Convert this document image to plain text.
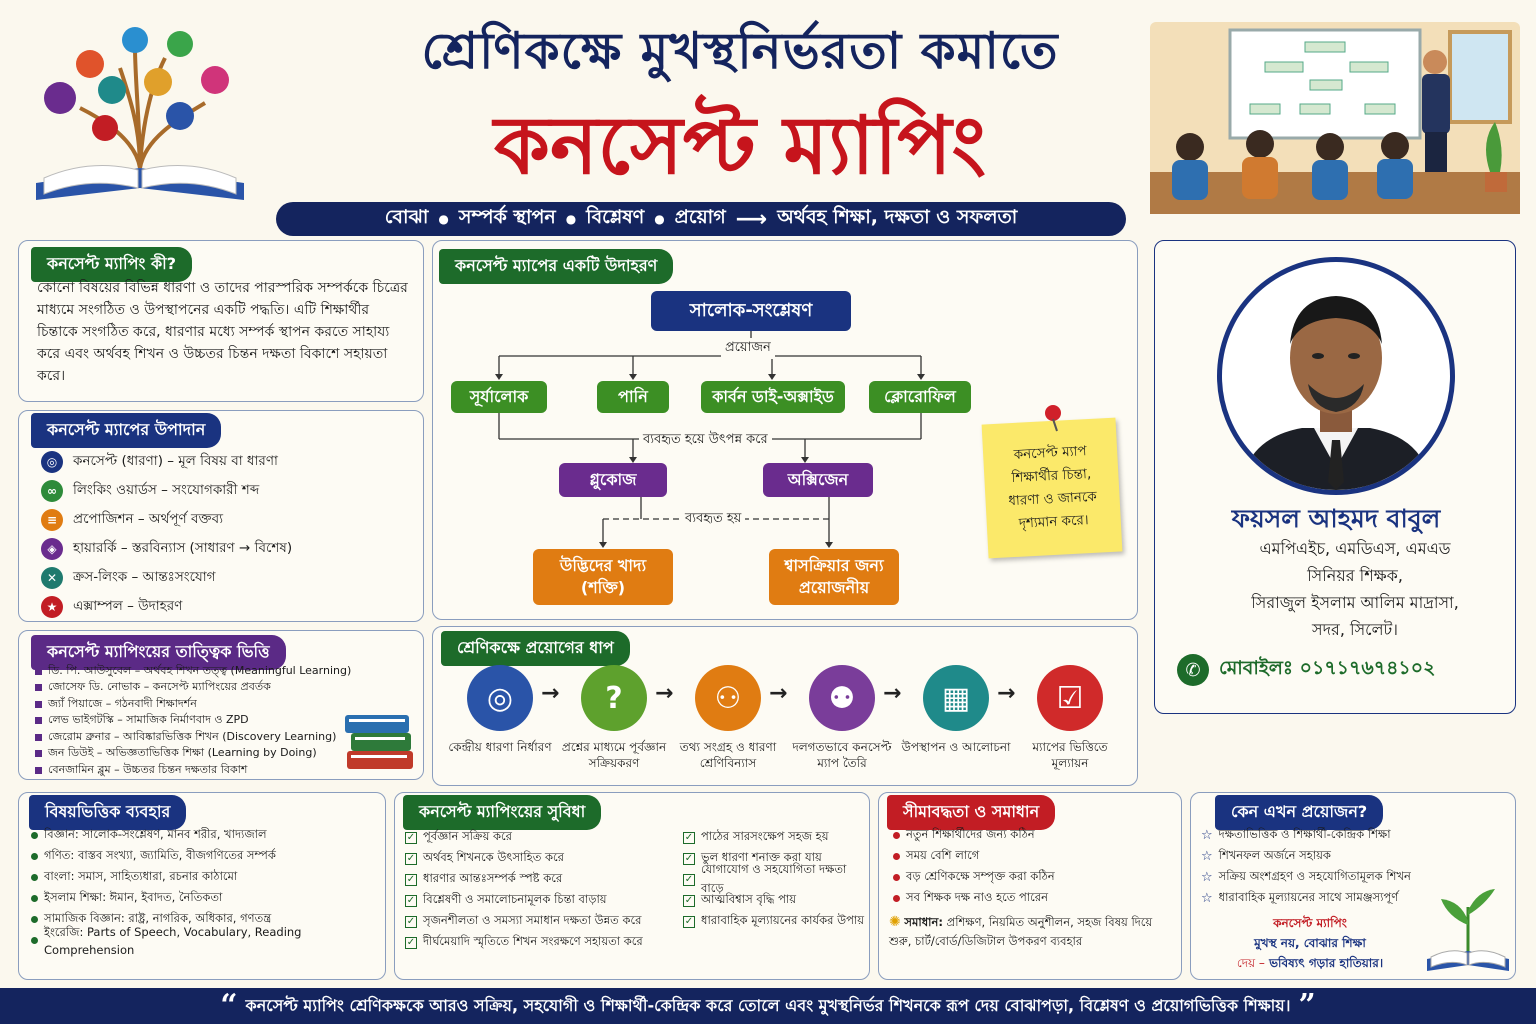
শ্রেণিকক্ষে মুখস্থনির্ভরতা কমাতে
কনসেপ্ট ম্যাপিং
বোঝা ● সম্পর্ক স্থাপন ● বিশ্লেষণ ● প্রয়োগ ⟶ অর্থবহ শিক্ষা, দক্ষতা ও সফলতা
কনসেপ্ট ম্যাপিং কী?
কোনো বিষয়ের বিভিন্ন ধারণা ও তাদের পারস্পরিক সম্পর্ককে চিত্রের মাধ্যমে সংগঠিত ও উপস্থাপনের একটি পদ্ধতি। এটি শিক্ষার্থীর চিন্তাকে সংগঠিত করে, ধারণার মধ্যে সম্পর্ক স্থাপন করতে সাহায্য করে এবং অর্থবহ শিখন ও উচ্চতর চিন্তন দক্ষতা বিকাশে সহায়তা করে।
কনসেপ্ট ম্যাপের উপাদান
◎	কনসেপ্ট (ধারণা) – মূল বিষয় বা ধারণা
∞	লিংকিং ওয়ার্ডস – সংযোগকারী শব্দ
≡	প্রপোজিশন – অর্থপূর্ণ বক্তব্য
◈	হায়ারর্কি – স্তরবিন্যাস (সাধারণ → বিশেষ)
✕	ক্রস-লিংক – আন্তঃসংযোগ
★	এক্সাম্পল – উদাহরণ
কনসেপ্ট ম্যাপিংয়ের তাত্ত্বিক ভিত্তি
ডি. পি. আউসুবেল – অর্থবহ শিখন তত্ত্ব (Meaningful Learning)
জোসেফ ডি. নোভাক – কনসেপ্ট ম্যাপিংয়ের প্রবর্তক
জ্যাঁ পিয়াজে – গঠনবাদী শিক্ষাদর্শন
লেভ ভাইগটস্কি – সামাজিক নির্মাণবাদ ও ZPD
জেরোম ব্রুনার – আবিষ্কারভিত্তিক শিখন (Discovery Learning)
জন ডিউই – অভিজ্ঞতাভিত্তিক শিক্ষা (Learning by Doing)
বেনজামিন ব্লুম – উচ্চতর চিন্তন দক্ষতার বিকাশ
কনসেপ্ট ম্যাপের একটি উদাহরণ
সালোক-সংশ্লেষণ
প্রয়োজন
সূর্যালোক	পানি	কার্বন ডাই-অক্সাইড	ক্লোরোফিল
ব্যবহৃত হয়ে উৎপন্ন করে
গ্লুকোজ	অক্সিজেন
ব্যবহৃত হয়
উদ্ভিদের খাদ্য (শক্তি)
শ্বাসক্রিয়ার জন্য প্রয়োজনীয়
কনসেপ্ট ম্যাপ শিক্ষার্থীর চিন্তা, ধারণা ও জানকে দৃশ্যমান করে।
শ্রেণিকক্ষে প্রয়োগের ধাপ
◎
কেন্দ্রীয় ধারণা নির্ধারণ
→	?
প্রশ্নের মাধ্যমে পূর্বজ্ঞান সক্রিয়করণ
→	⚇
তথ্য সংগ্রহ ও ধারণা শ্রেণিবিন্যাস
→	⚉
দলগতভাবে কনসেপ্ট ম্যাপ তৈরি
→	▦
উপস্থাপন ও আলোচনা
→	☑
ম্যাপের ভিত্তিতে মূল্যায়ন
ফয়সল আহমদ বাবুল
এমপিএইচ, এমডিএস, এমএড
সিনিয়র শিক্ষক,
সিরাজুল ইসলাম আলিম মাদ্রাসা,
সদর, সিলেট।
✆ মোবাইলঃ ০১৭১৭৬৭৪১০২
বিষয়ভিত্তিক ব্যবহার
বিজ্ঞান: সালোক-সংশ্লেষণ, মানব শরীর, খাদ্যজাল
গণিত: বাস্তব সংখ্যা, জ্যামিতি, বীজগণিতের সম্পর্ক
বাংলা: সমাস, সাহিত্যধারা, রচনার কাঠামো
ইসলাম শিক্ষা: ঈমান, ইবাদত, নৈতিকতা
সামাজিক বিজ্ঞান: রাষ্ট্র, নাগরিক, অধিকার, গণতন্ত্র
ইংরেজি: Parts of Speech, Vocabulary, Reading Comprehension
কনসেপ্ট ম্যাপিংয়ের সুবিধা
✓ পূর্বজ্ঞান সক্রিয় করে
✓ অর্থবহ শিখনকে উৎসাহিত করে
✓ ধারণার আন্তঃসম্পর্ক স্পষ্ট করে
✓ বিশ্লেষণী ও সমালোচনামূলক চিন্তা বাড়ায়
✓ সৃজনশীলতা ও সমস্যা সমাধান দক্ষতা উন্নত করে
✓ দীর্ঘমেয়াদি স্মৃতিতে শিখন সংরক্ষণে সহায়তা করে
✓ পাঠের সারসংক্ষেপ সহজ হয়
✓ ভুল ধারণা শনাক্ত করা যায়
✓
যোগাযোগ ও সহযোগিতা দক্ষতা বাড়ে
✓ আত্মবিশ্বাস বৃদ্ধি পায়
✓ ধারাবাহিক মূল্যায়নের কার্যকর উপায়
সীমাবদ্ধতা ও সমাধান
নতুন শিক্ষার্থীদের জন্য কঠিন
সময় বেশি লাগে
বড় শ্রেণিকক্ষে সম্পৃক্ত করা কঠিন
সব শিক্ষক দক্ষ নাও হতে পারেন
✺ সমাধান: প্রশিক্ষণ, নিয়মিত অনুশীলন, সহজ বিষয় দিয়ে শুরু, চার্ট/বোর্ড/ডিজিটাল উপকরণ ব্যবহার
কেন এখন প্রয়োজন?
☆ দক্ষতাভিত্তিক ও শিক্ষার্থী-কেন্দ্রিক শিক্ষা
☆ শিখনফল অর্জনে সহায়ক
☆ সক্রিয় অংশগ্রহণ ও সহযোগিতামূলক শিখন
☆ ধারাবাহিক মূল্যায়নের সাথে সামঞ্জস্যপূর্ণ
কনসেপ্ট ম্যাপিং
মুখস্থ নয়, বোঝার শিক্ষা
দেয় – ভবিষ্যৎ গড়ার হাতিয়ার।
“ কনসেপ্ট ম্যাপিং শ্রেণিকক্ষকে আরও সক্রিয়, সহযোগী ও শিক্ষার্থী-কেন্দ্রিক করে তোলে এবং মুখস্থনির্ভর শিখনকে রূপ দেয় বোঝাপড়া, বিশ্লেষণ ও প্রয়োগভিত্তিক শিক্ষায়। ”
